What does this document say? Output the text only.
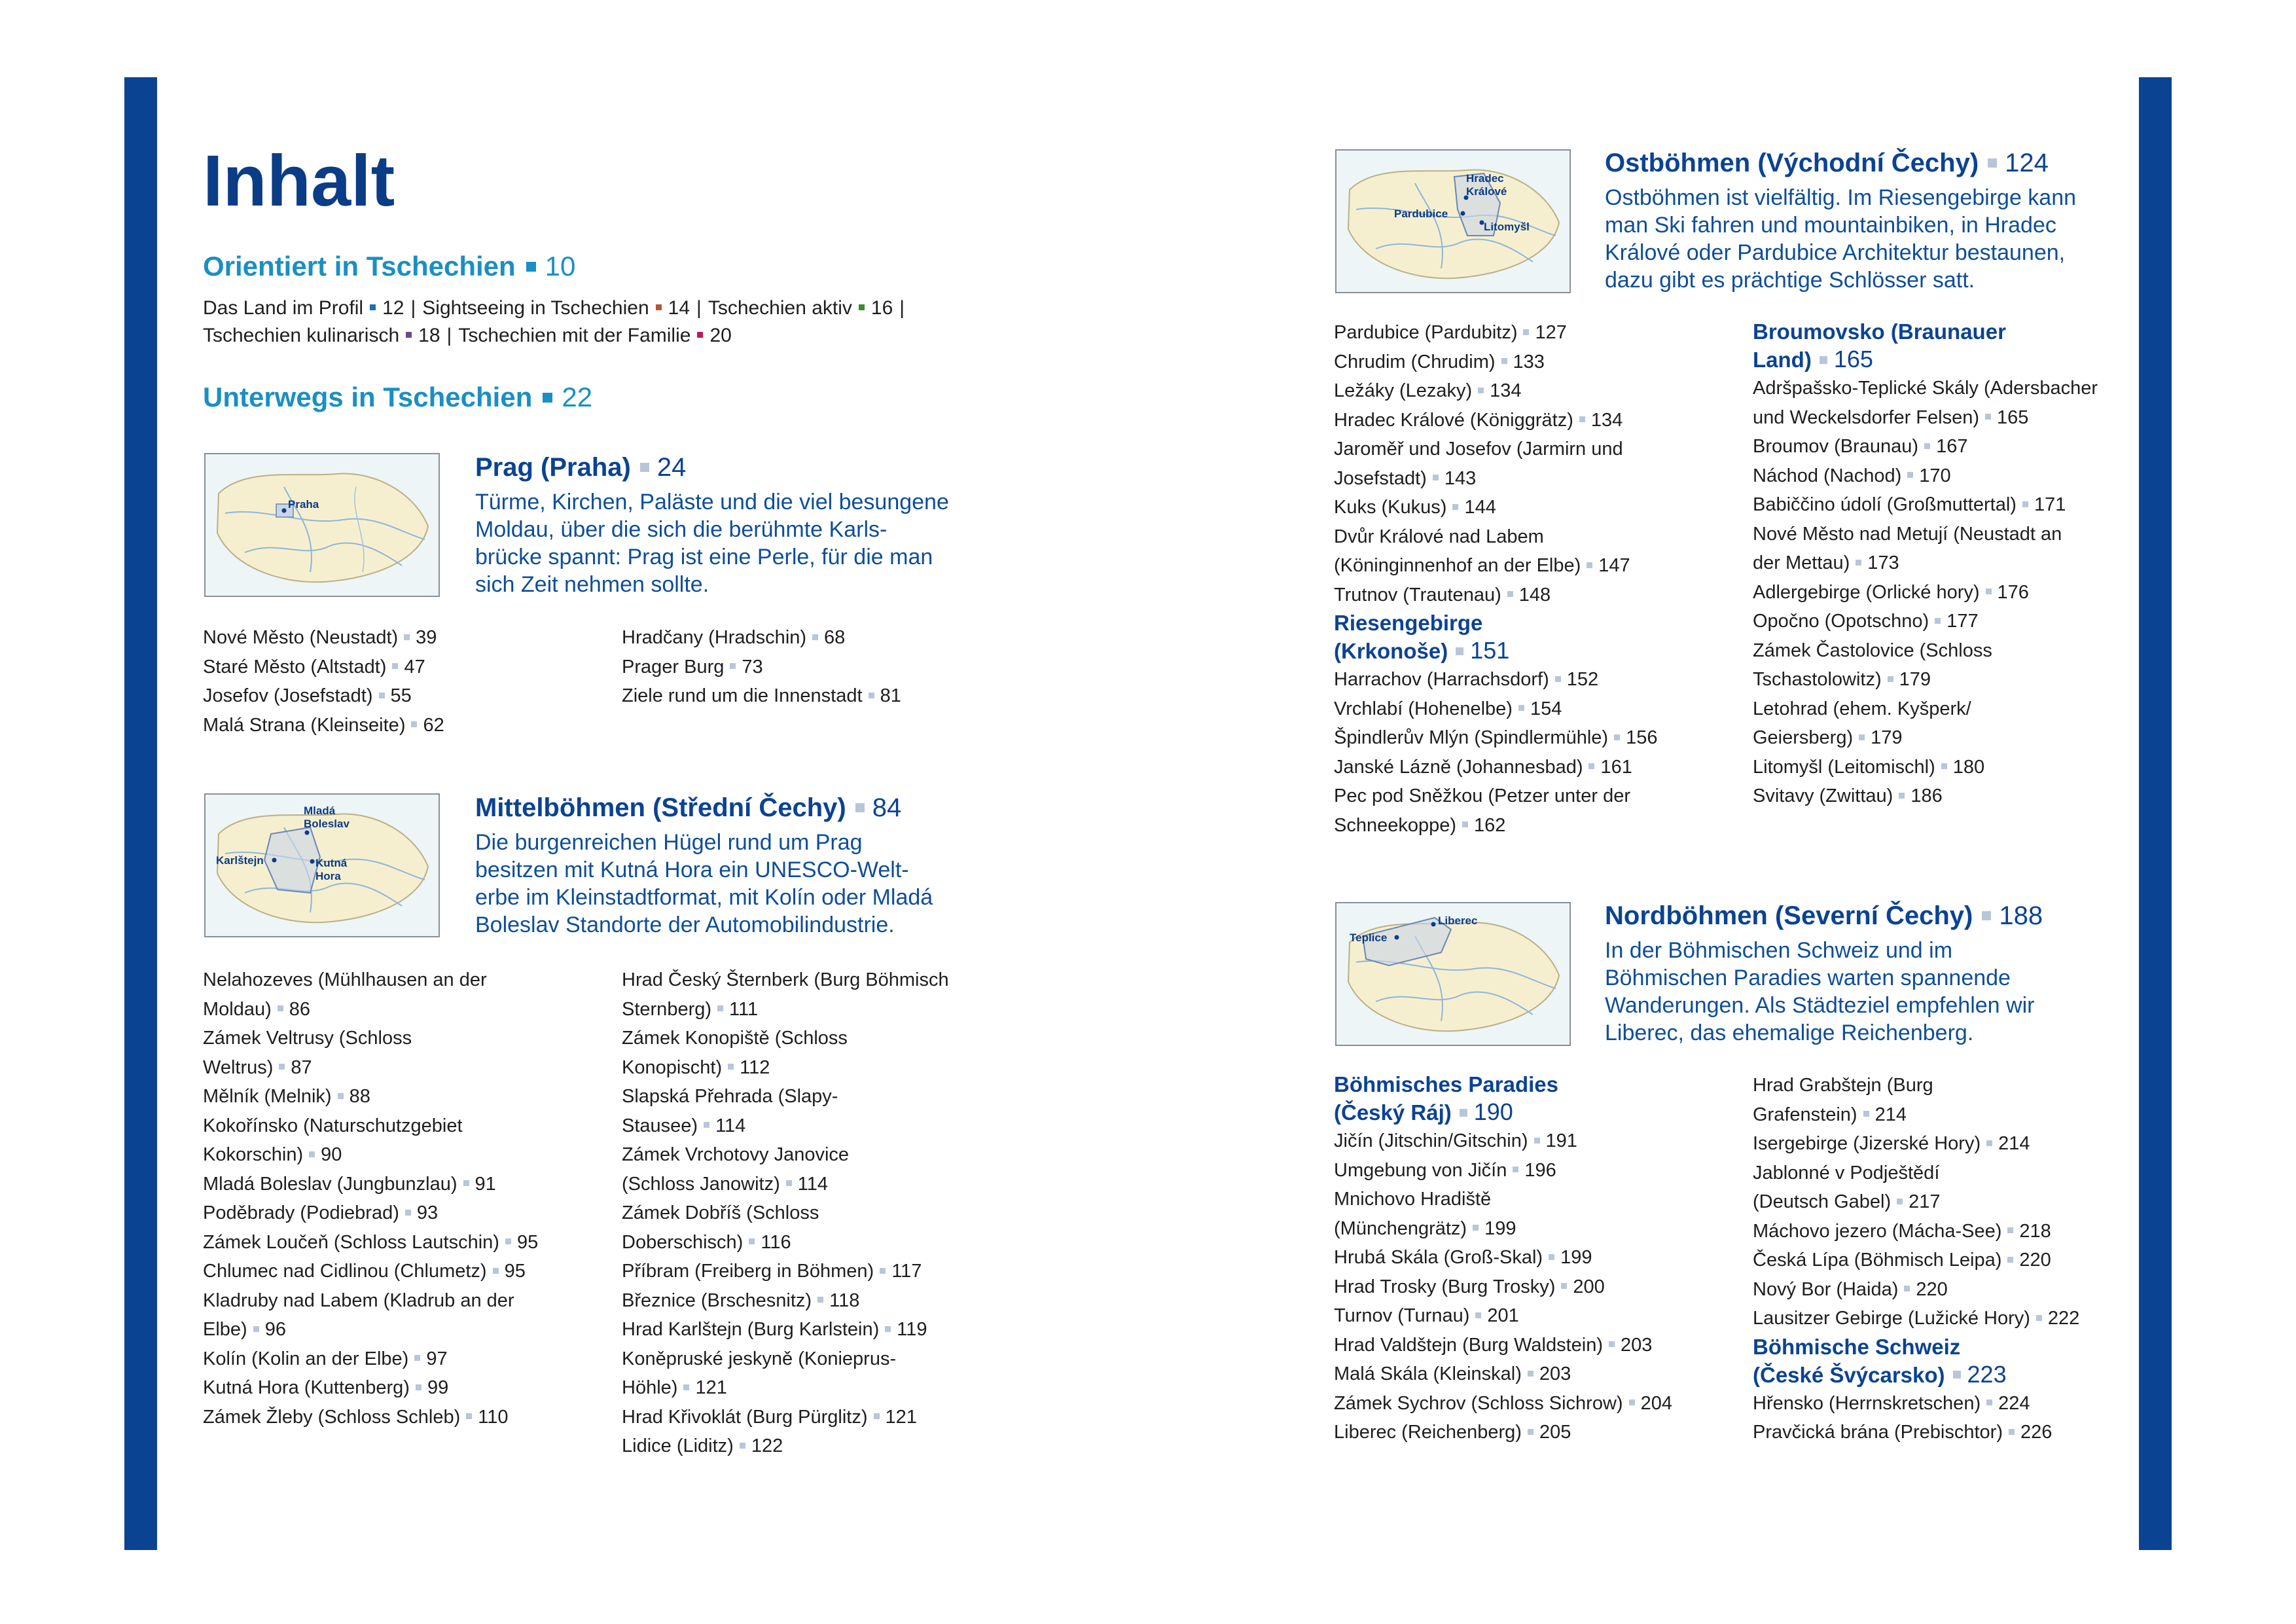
Inhalt
Orientiert in Tschechien 10
Das Land im Profil 12 | Sightseeing in Tschechien 14 | Tschechien aktiv 16 |
Tschechien kulinarisch 18 | Tschechien mit der Familie 20
Unterwegs in Tschechien 22
Praha
Prag (Praha) 24
Türme, Kirchen, Paläste und die viel besungene
Moldau, über die sich die berühmte Karls-
brücke spannt: Prag ist eine Perle, für die man
sich Zeit nehmen sollte.
Nové Město (Neustadt) 39
Staré Město (Altstadt) 47
Josefov (Josefstadt) 55
Malá Strana (Kleinseite) 62
Hradčany (Hradschin) 68
Prager Burg 73
Ziele rund um die Innenstadt 81
Mladá
Boleslav
Karlštejn	Kutná
Hora
Mittelböhmen (Střední Čechy) 84
Die burgenreichen Hügel rund um Prag
besitzen mit Kutná Hora ein UNESCO-Welt-
erbe im Kleinstadtformat, mit Kolín oder Mladá
Boleslav Standorte der Automobilindustrie.
Nelahozeves (Mühlhausen an der
Moldau) 86
Zámek Veltrusy (Schloss
Weltrus) 87
Mělník (Melnik) 88
Kokořínsko (Naturschutzgebiet
Kokorschin) 90
Mladá Boleslav (Jungbunzlau) 91
Poděbrady (Podiebrad) 93
Zámek Loučeň (Schloss Lautschin) 95
Chlumec nad Cidlinou (Chlumetz) 95
Kladruby nad Labem (Kladrub an der
Elbe) 96
Kolín (Kolin an der Elbe) 97
Kutná Hora (Kuttenberg) 99
Zámek Žleby (Schloss Schleb) 110
Hrad Český Šternberk (Burg Böhmisch
Sternberg) 111
Zámek Konopiště (Schloss
Konopischt) 112
Slapská Přehrada (Slapy-
Stausee) 114
Zámek Vrchotovy Janovice
(Schloss Janowitz) 114
Zámek Dobříš (Schloss
Doberschisch) 116
Příbram (Freiberg in Böhmen) 117
Březnice (Brschesnitz) 118
Hrad Karlštejn (Burg Karlstein) 119
Koněpruské jeskyně (Konieprus-
Höhle) 121
Hrad Křivoklát (Burg Pürglitz) 121
Lidice (Liditz) 122
Hradec
Králové
Pardubice
Litomyšl
Ostböhmen (Východní Čechy) 124
Ostböhmen ist vielfältig. Im Riesengebirge kann
man Ski fahren und mountainbiken, in Hradec
Králové oder Pardubice Architektur bestaunen,
dazu gibt es prächtige Schlösser satt.
Pardubice (Pardubitz) 127
Chrudim (Chrudim) 133
Ležáky (Lezaky) 134
Hradec Králové (Königgrätz) 134
Jaroměř und Josefov (Jarmirn und
Josefstadt) 143
Kuks (Kukus) 144
Dvůr Králové nad Labem
(Köninginnenhof an der Elbe) 147
Trutnov (Trautenau) 148
Riesengebirge
(Krkonoše) 151
Harrachov (Harrachsdorf) 152
Vrchlabí (Hohenelbe) 154
Špindlerův Mlýn (Spindlermühle) 156
Janské Lázně (Johannesbad) 161
Pec pod Sněžkou (Petzer unter der
Schneekoppe) 162
Broumovsko (Braunauer
Land) 165
Adršpašsko-Teplické Skály (Adersbacher
und Weckelsdorfer Felsen) 165
Broumov (Braunau) 167
Náchod (Nachod) 170
Babiččino údolí (Großmuttertal) 171
Nové Město nad Metují (Neustadt an
der Mettau) 173
Adlergebirge (Orlické hory) 176
Opočno (Opotschno) 177
Zámek Častolovice (Schloss
Tschastolowitz) 179
Letohrad (ehem. Kyšperk/
Geiersberg) 179
Litomyšl (Leitomischl) 180
Svitavy (Zwittau) 186
Liberec
Teplice
Nordböhmen (Severní Čechy) 188
In der Böhmischen Schweiz und im
Böhmischen Paradies warten spannende
Wanderungen. Als Städteziel empfehlen wir
Liberec, das ehemalige Reichenberg.
Böhmisches Paradies
(Český Ráj) 190
Jičín (Jitschin/Gitschin) 191
Umgebung von Jičín 196
Mnichovo Hradiště
(Münchengrätz) 199
Hrubá Skála (Groß-Skal) 199
Hrad Trosky (Burg Trosky) 200
Turnov (Turnau) 201
Hrad Valdštejn (Burg Waldstein) 203
Malá Skála (Kleinskal) 203
Zámek Sychrov (Schloss Sichrow) 204
Liberec (Reichenberg) 205
Hrad Grabštejn (Burg
Grafenstein) 214
Isergebirge (Jizerské Hory) 214
Jablonné v Podještědí
(Deutsch Gabel) 217
Máchovo jezero (Mácha-See) 218
Česká Lípa (Böhmisch Leipa) 220
Nový Bor (Haida) 220
Lausitzer Gebirge (Lužické Hory) 222
Böhmische Schweiz
(České Švýcarsko) 223
Hřensko (Herrnskretschen) 224
Pravčická brána (Prebischtor) 226
